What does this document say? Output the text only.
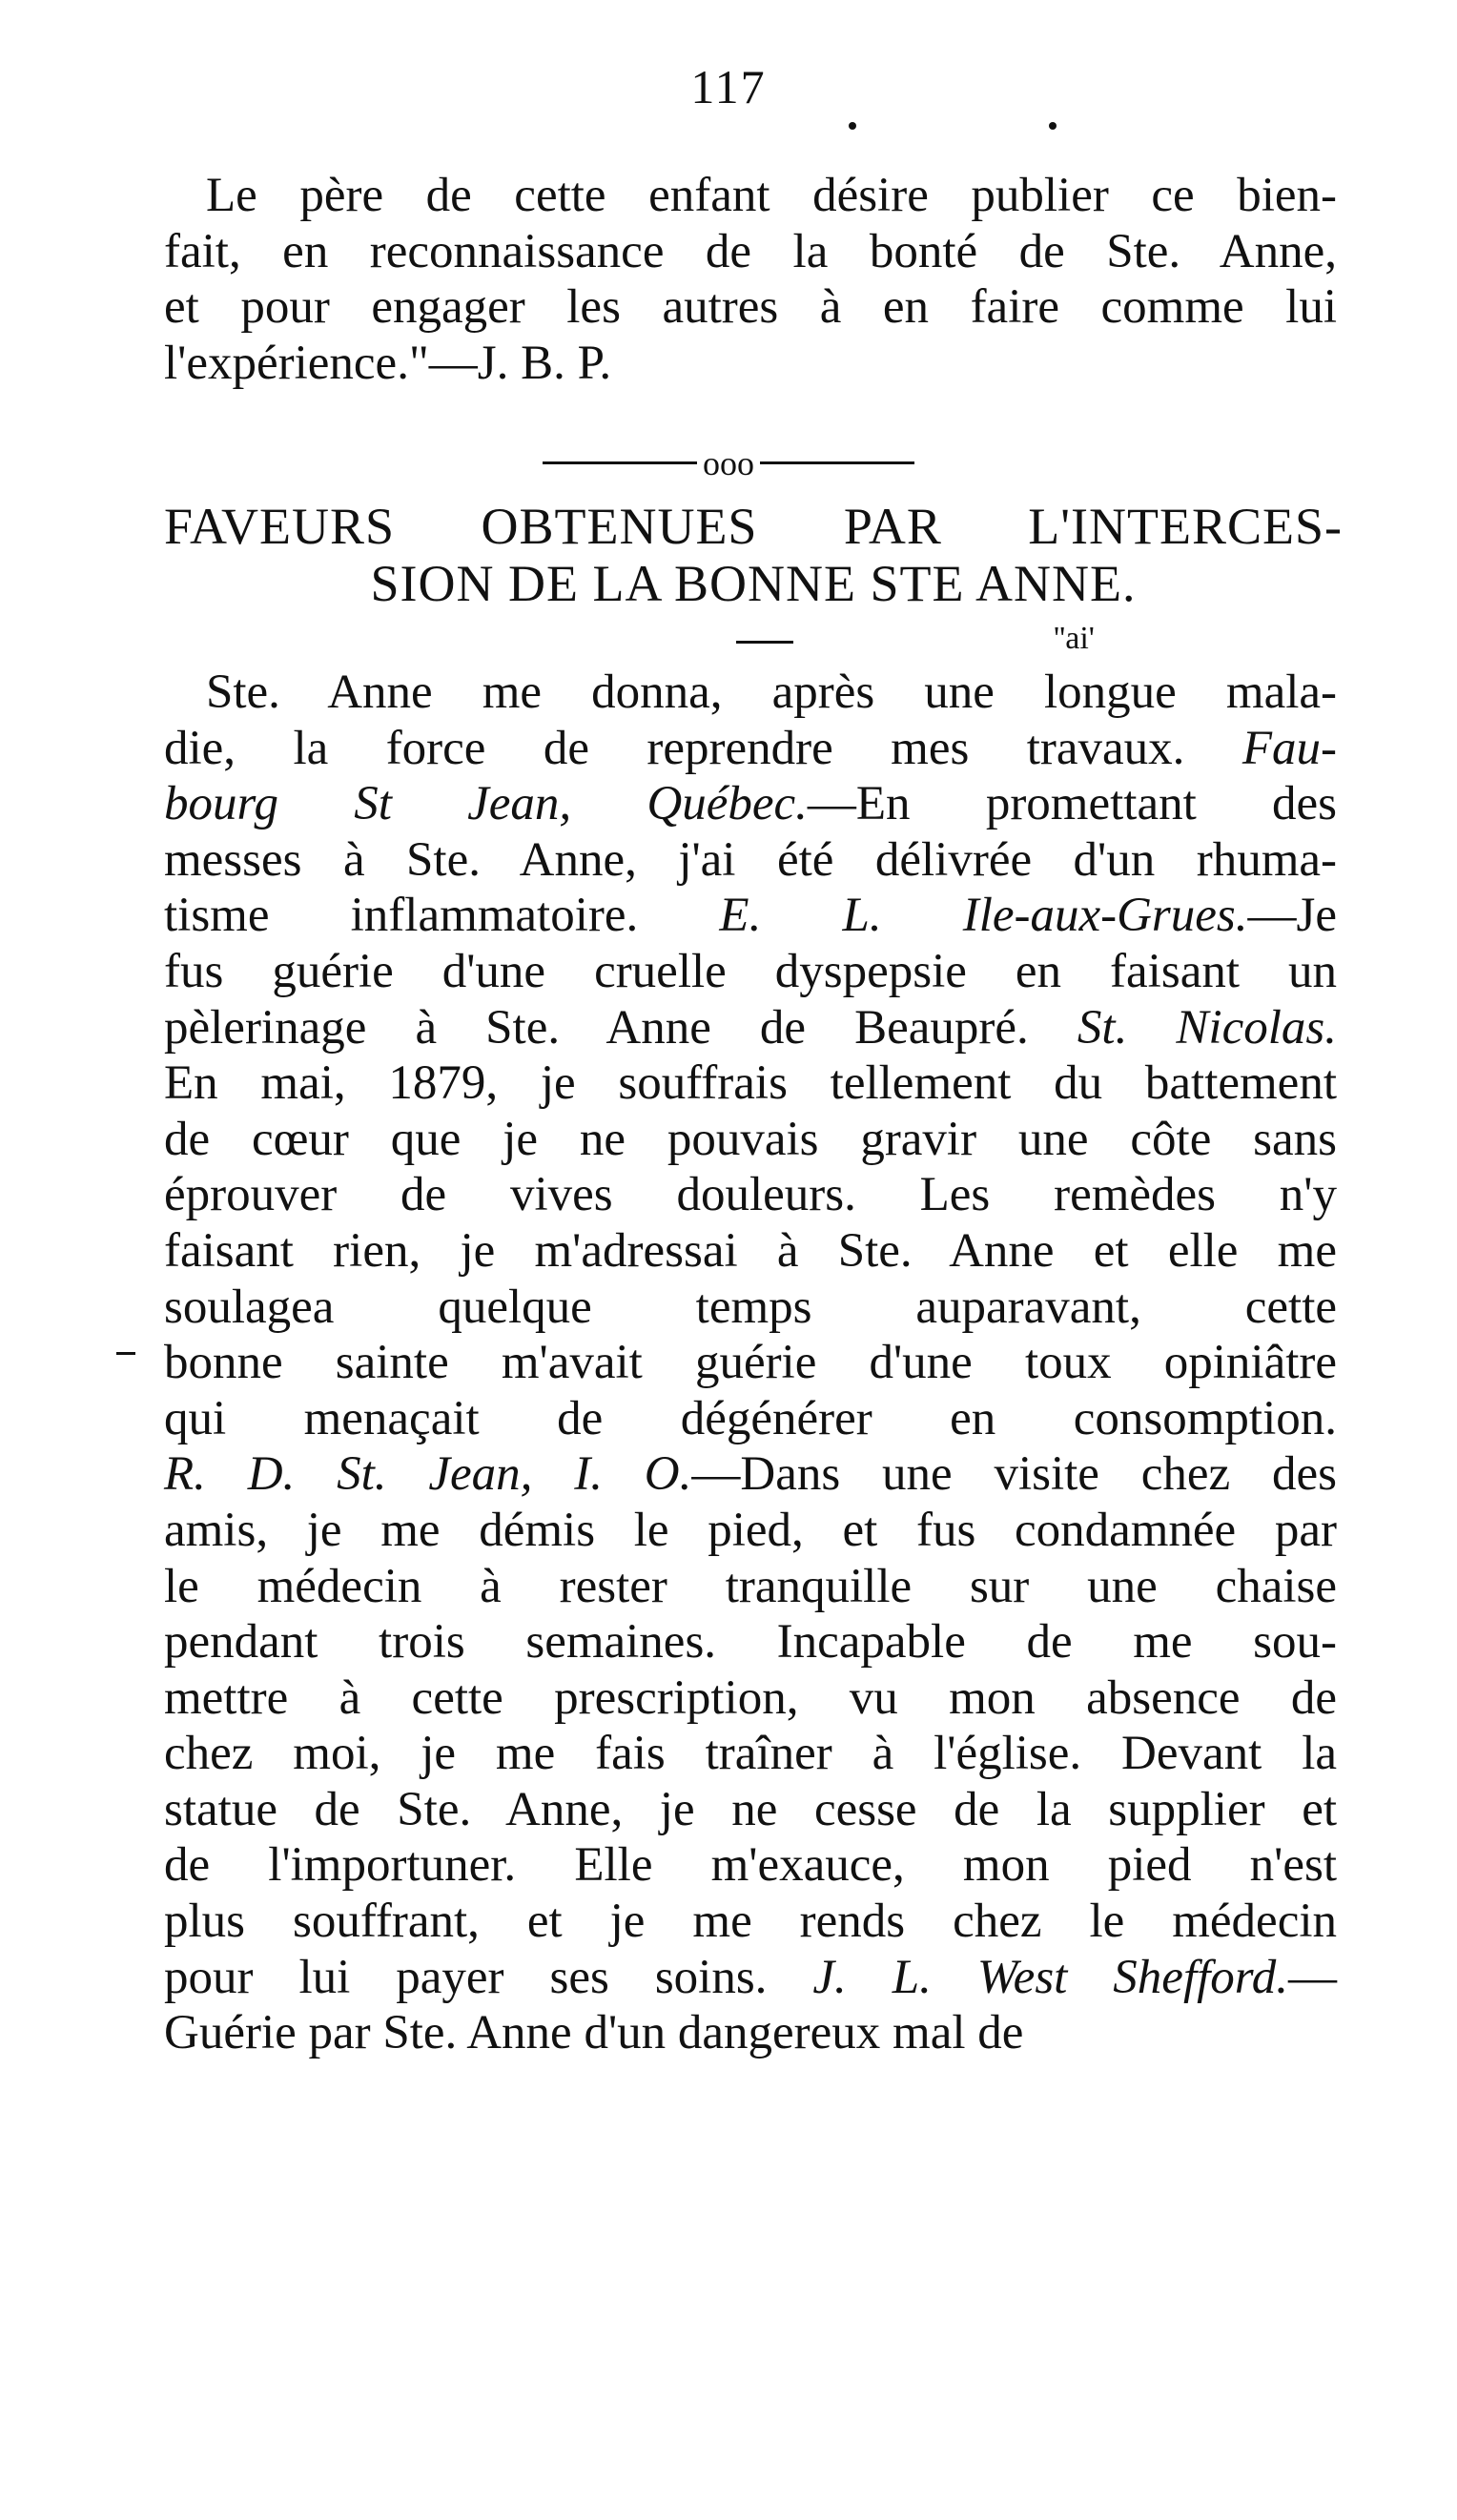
117
Le père de cette enfant désire publier ce bien-
fait, en reconnaissance de la bonté de Ste. Anne,
et pour engager les autres à en faire comme lui
l'expérience."—J. B. P.
ooo
FAVEURS OBTENUES PAR L'INTERCES-
SION DE LA BONNE STE ANNE.
''ai'
Ste. Anne me donna, après une longue mala-
die, la force de reprendre mes travaux. Fau-
bourg St Jean, Québec.—En promettant des
messes à Ste. Anne, j'ai été délivrée d'un rhuma-
tisme inflammatoire. E. L. Ile-aux-Grues.—Je
fus guérie d'une cruelle dyspepsie en faisant un
pèlerinage à Ste. Anne de Beaupré. St. Nicolas.
En mai, 1879, je souffrais tellement du battement
de cœur que je ne pouvais gravir une côte sans
éprouver de vives douleurs. Les remèdes n'y
faisant rien, je m'adressai à Ste. Anne et elle me
soulagea quelque temps auparavant, cette
bonne sainte m'avait guérie d'une toux opiniâtre
qui menaçait de dégénérer en consomption.
R. D. St. Jean, I. O.—Dans une visite chez des
amis, je me démis le pied, et fus condamnée par
le médecin à rester tranquille sur une chaise
pendant trois semaines. Incapable de me sou-
mettre à cette prescription, vu mon absence de
chez moi, je me fais traîner à l'église. Devant la
statue de Ste. Anne, je ne cesse de la supplier et
de l'importuner. Elle m'exauce, mon pied n'est
plus souffrant, et je me rends chez le médecin
pour lui payer ses soins. J. L. West Shefford.—
Guérie par Ste. Anne d'un dangereux mal de
